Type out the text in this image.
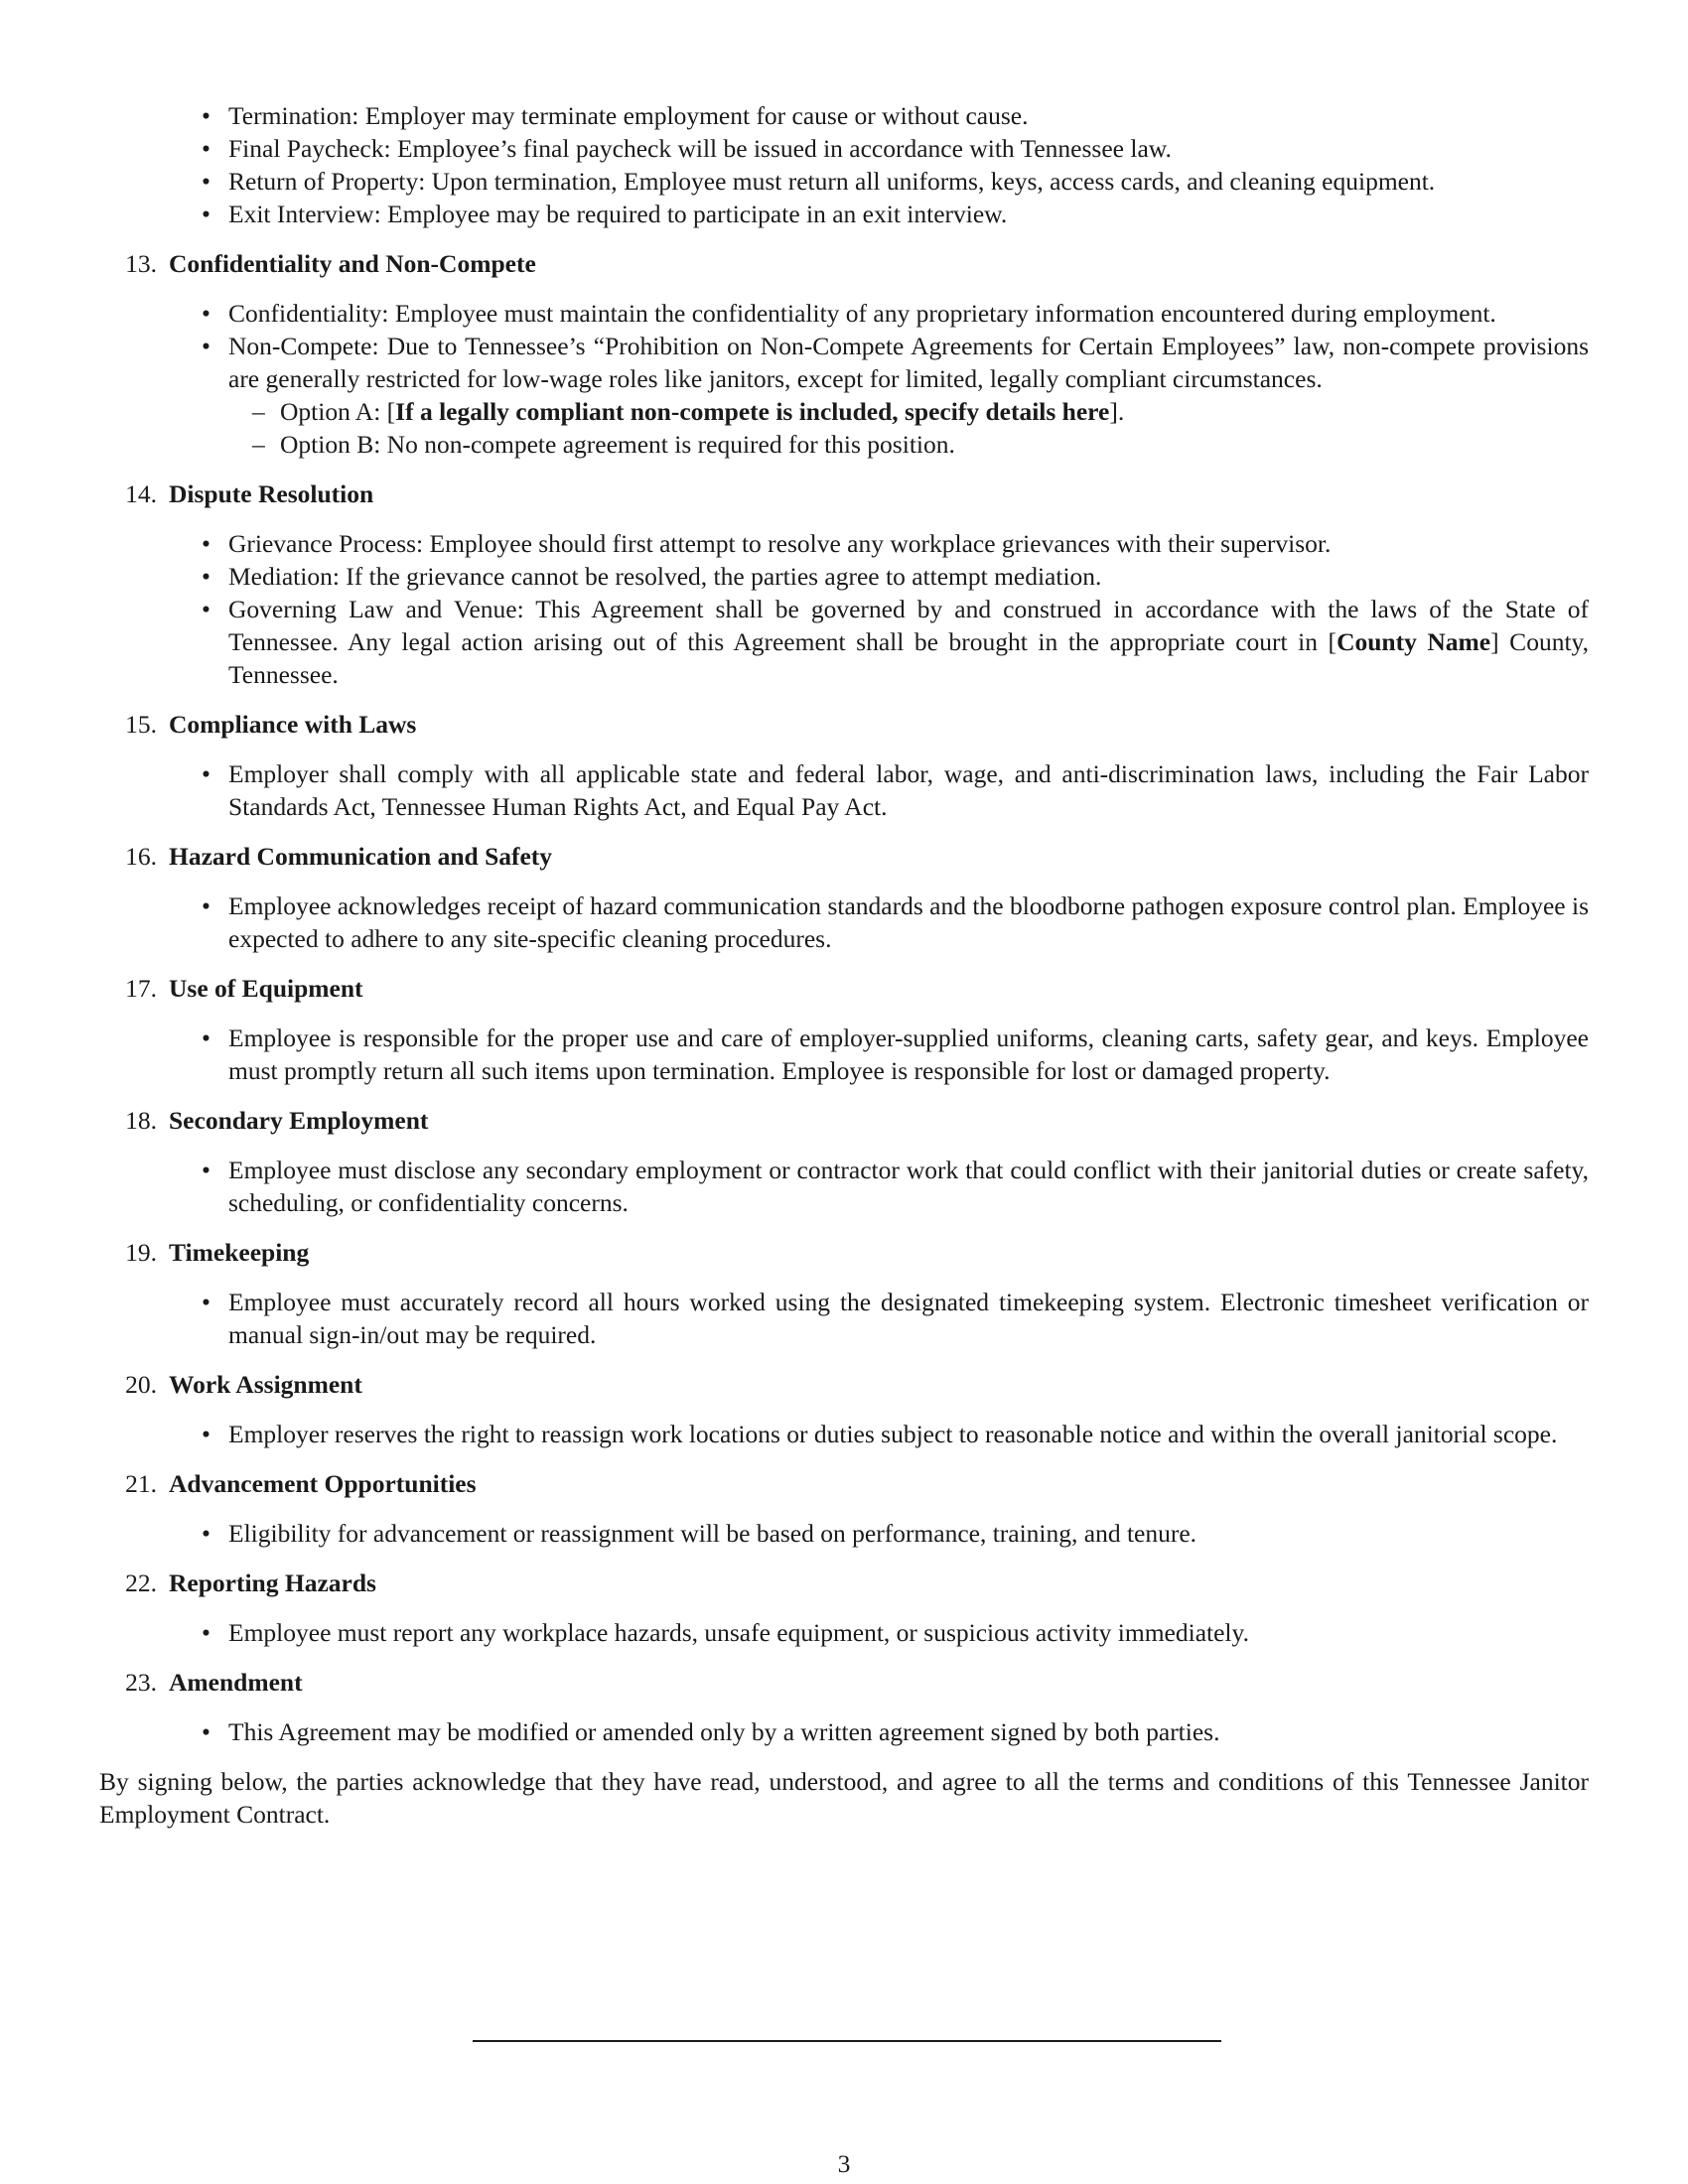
• Termination: Employer may terminate employment for cause or without cause.
• Final Paycheck: Employee’s final paycheck will be issued in accordance with Tennessee law.
• Return of Property: Upon termination, Employee must return all uniforms, keys, access cards, and cleaning equipment.
• Exit Interview: Employee may be required to participate in an exit interview.
13. Confidentiality and Non-Compete
• Confidentiality: Employee must maintain the confidentiality of any proprietary information encountered during employment.
• Non-Compete: Due to Tennessee’s “Prohibition on Non-Compete Agreements for Certain Employees” law, non-compete provisions are generally restricted for low-wage roles like janitors, except for limited, legally compliant circumstances.
– Option A: [If a legally compliant non-compete is included, specify details here].
– Option B: No non-compete agreement is required for this position.
14. Dispute Resolution
• Grievance Process: Employee should first attempt to resolve any workplace grievances with their supervisor.
• Mediation: If the grievance cannot be resolved, the parties agree to attempt mediation.
• Governing Law and Venue: This Agreement shall be governed by and construed in accordance with the laws of the State of Tennessee. Any legal action arising out of this Agreement shall be brought in the appropriate court in [County Name] County, Tennessee.
15. Compliance with Laws
• Employer shall comply with all applicable state and federal labor, wage, and anti-discrimination laws, including the Fair Labor Standards Act, Tennessee Human Rights Act, and Equal Pay Act.
16. Hazard Communication and Safety
• Employee acknowledges receipt of hazard communication standards and the bloodborne pathogen exposure control plan. Employee is expected to adhere to any site-specific cleaning procedures.
17. Use of Equipment
• Employee is responsible for the proper use and care of employer-supplied uniforms, cleaning carts, safety gear, and keys. Employee must promptly return all such items upon termination. Employee is responsible for lost or damaged property.
18. Secondary Employment
• Employee must disclose any secondary employment or contractor work that could conflict with their janitorial duties or create safety, scheduling, or confidentiality concerns.
19. Timekeeping
• Employee must accurately record all hours worked using the designated timekeeping system. Electronic timesheet verification or manual sign-in/out may be required.
20. Work Assignment
• Employer reserves the right to reassign work locations or duties subject to reasonable notice and within the overall janitorial scope.
21. Advancement Opportunities
• Eligibility for advancement or reassignment will be based on performance, training, and tenure.
22. Reporting Hazards
• Employee must report any workplace hazards, unsafe equipment, or suspicious activity immediately.
23. Amendment
• This Agreement may be modified or amended only by a written agreement signed by both parties.

By signing below, the parties acknowledge that they have read, understood, and agree to all the terms and conditions of this Tennessee Janitor Employment Contract.

3
